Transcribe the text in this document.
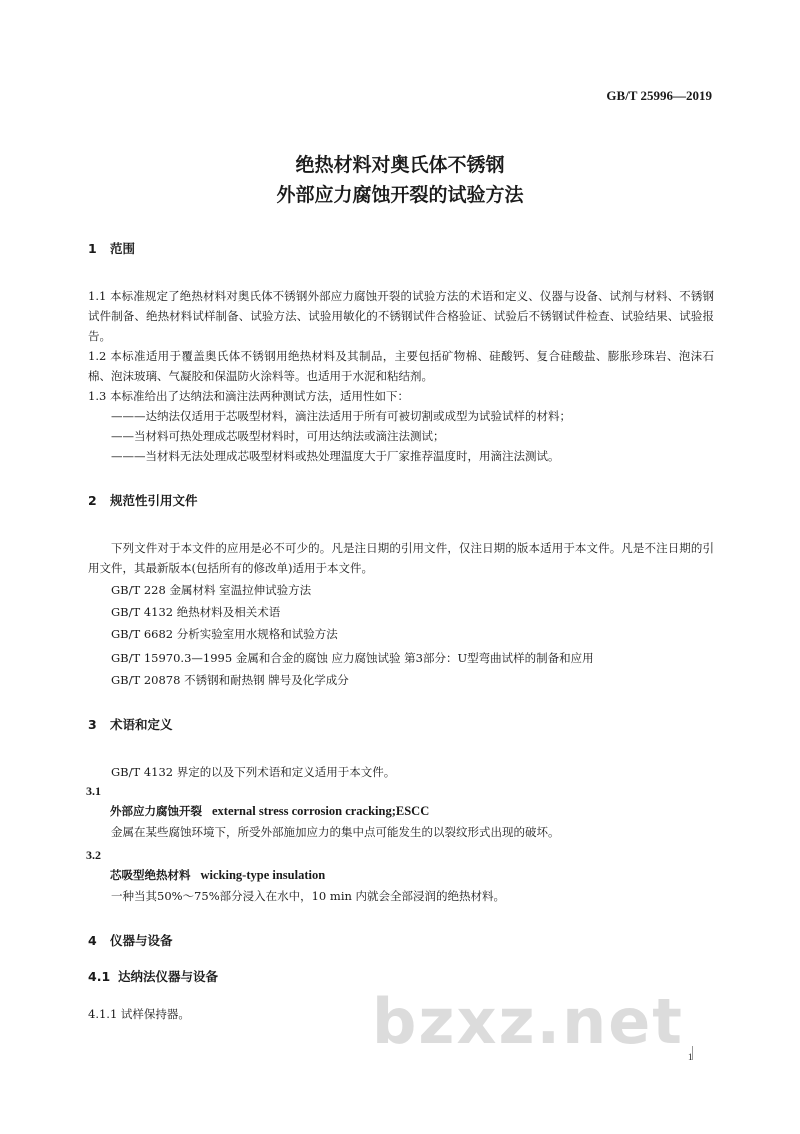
GB/T 25996—2019
绝热材料对奥氏体不锈钢
外部应力腐蚀开裂的试验方法
1 范围

1.1 本标准规定了绝热材料对奥氏体不锈钢外部应力腐蚀开裂的试验方法的术语和定义、仪器与设备、试剂与材料、不锈钢试件制备、绝热材料试样制备、试验方法、试验用敏化的不锈钢试件合格验证、试验后不锈钢试件检查、试验结果、试验报告。

1.2 本标准适用于覆盖奥氏体不锈钢用绝热材料及其制品，主要包括矿物棉、硅酸钙、复合硅酸盐、膨胀珍珠岩、泡沫石棉、泡沫玻璃、气凝胶和保温防火涂料等。也适用于水泥和粘结剂。

1.3 本标准给出了达纳法和滴注法两种测试方法，适用性如下：

———达纳法仅适用于芯吸型材料，滴注法适用于所有可被切割或成型为试验试样的材料；

——当材料可热处理成芯吸型材料时，可用达纳法或滴注法测试；

———当材料无法处理成芯吸型材料或热处理温度大于厂家推荐温度时，用滴注法测试。

2 规范性引用文件

下列文件对于本文件的应用是必不可少的。凡是注日期的引用文件，仅注日期的版本适用于本文件。凡是不注日期的引用文件，其最新版本(包括所有的修改单)适用于本文件。

GB/T 228 金属材料 室温拉伸试验方法

GB/T 4132 绝热材料及相关术语

GB/T 6682 分析实验室用水规格和试验方法

GB/T 15970.3—1995 金属和合金的腐蚀 应力腐蚀试验 第3部分：U型弯曲试样的制备和应用

GB/T 20878 不锈钢和耐热钢 牌号及化学成分

3 术语和定义

GB/T 4132 界定的以及下列术语和定义适用于本文件。

3.1
外部应力腐蚀开裂 external stress corrosion cracking;ESCC

金属在某些腐蚀环境下，所受外部施加应力的集中点可能发生的以裂纹形式出现的破坏。

3.2
芯吸型绝热材料 wicking-type insulation

一种当其50%～75%部分浸入在水中，10 min 内就会全部浸润的绝热材料。

4 仪器与设备
4.1 达纳法仪器与设备

4.1.1 试样保持器。	bzxz.net 1
